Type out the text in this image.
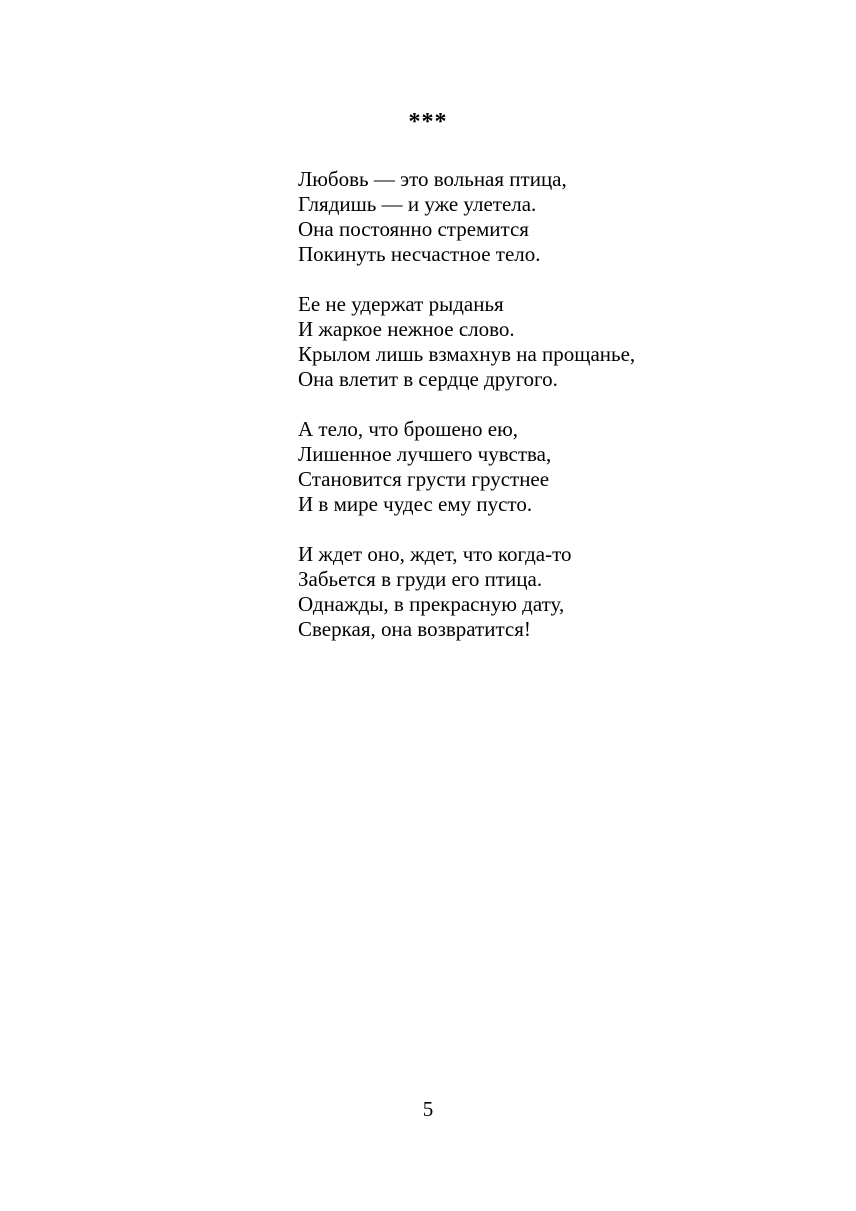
***
Любовь — это вольная птица,
Глядишь — и уже улетела.
Она постоянно стремится
Покинуть несчастное тело.
Ее не удержат рыданья
И жаркое нежное слово.
Крылом лишь взмахнув на прощанье,
Она влетит в сердце другого.
А тело, что брошено ею,
Лишенное лучшего чувства,
Становится грусти грустнее
И в мире чудес ему пусто.
И ждет оно, ждет, что когда-то
Забьется в груди его птица.
Однажды, в прекрасную дату,
Сверкая, она возвратится!
5
